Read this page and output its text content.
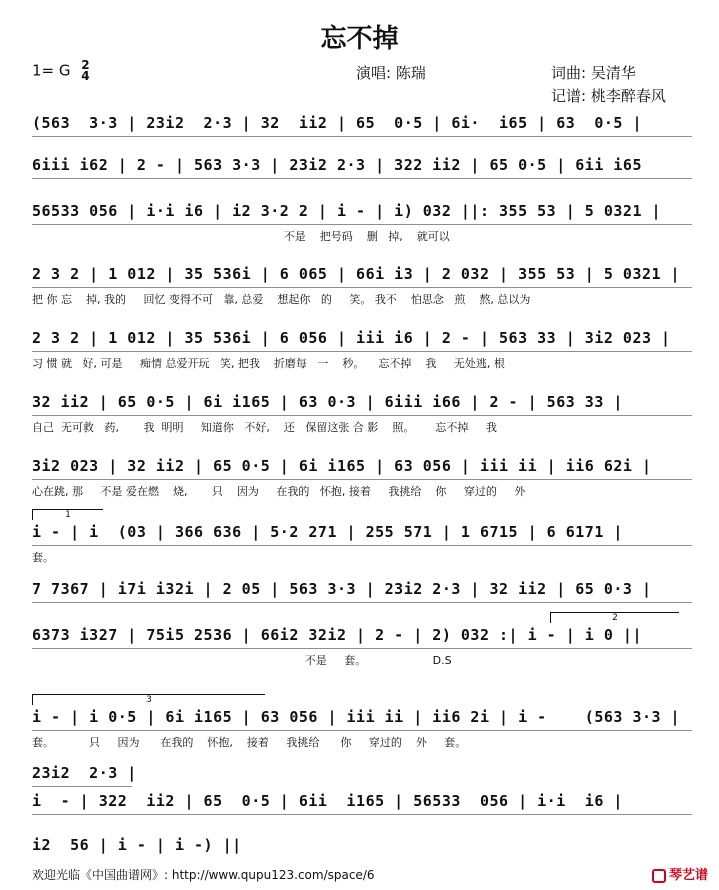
忘不掉
1= G 2
4	演唱: 陈瑞	词曲: 吴清华
记谱: 桃李醉春风
(563  3·3 | 23i2  2·3 | 32  ii2 | 65  0·5 | 6i·  i65 | 63  0·5 |
6iii i62 | 2 - | 563 3·3 | 23i2 2·3 | 322 ii2 | 65 0·5 | 6ii i65
56533 056 | i·i i6 | i2 3·2 2 | i - | i) 032 ||: 355 53 | 5 0321 |
不是    把号码    删   掉,    就可以
2 3 2 | 1 012 | 35 536i | 6 065 | 66i i3 | 2 032 | 355 53 | 5 0321 |
把 你 忘    掉, 我的     回忆 变得不可   靠, 总爱    想起你   的     笑。 我不    怕思念   煎    熬, 总以为
2 3 2 | 1 012 | 35 536i | 6 056 | iii i6 | 2 - | 563 33 | 3i2 023 |
习 惯 就   好, 可是     痴情 总爱开玩   笑, 把我    折磨每   一    秒。    忘不掉    我     无处逃, 根
32 ii2 | 65 0·5 | 6i i165 | 63 0·3 | 6iii i66 | 2 - | 563 33 |
自己  无可救   药,       我  明明     知道你   不好,    还   保留这张 合 影    照。      忘不掉     我
3i2 023 | 32 ii2 | 65 0·5 | 6i i165 | 63 056 | iii ii | ii6 62i |
心在跳, 那     不是 爱在燃    烧,       只    因为     在我的   怀抱, 接着     我挑给    你     穿过的     外
1
i - | i  (03 | 366 636 | 5·2 271 | 255 571 | 1 6715 | 6 6171 |
套。
7 7367 | i7i i32i | 2 05 | 563 3·3 | 23i2 2·3 | 32 ii2 | 65 0·3 |
2
6373 i327 | 75i5 2536 | 66i2 32i2 | 2 - | 2) 032 :| i - | i 0 ||
不是     套。                   D.S
3
i - | i 0·5 | 6i i165 | 63 056 | iii ii | ii6 2i | i -    (563 3·3 |
套。          只     因为      在我的    怀抱,    接着     我挑给      你     穿过的    外     套。
23i2  2·3 |
i  - | 322  ii2 | 65  0·5 | 6ii  i165 | 56533  056 | i·i  i6 |
i2  56 | i - | i -) ||
欢迎光临《中国曲谱网》: http://www.qupu123.com/space/6	琴艺谱
